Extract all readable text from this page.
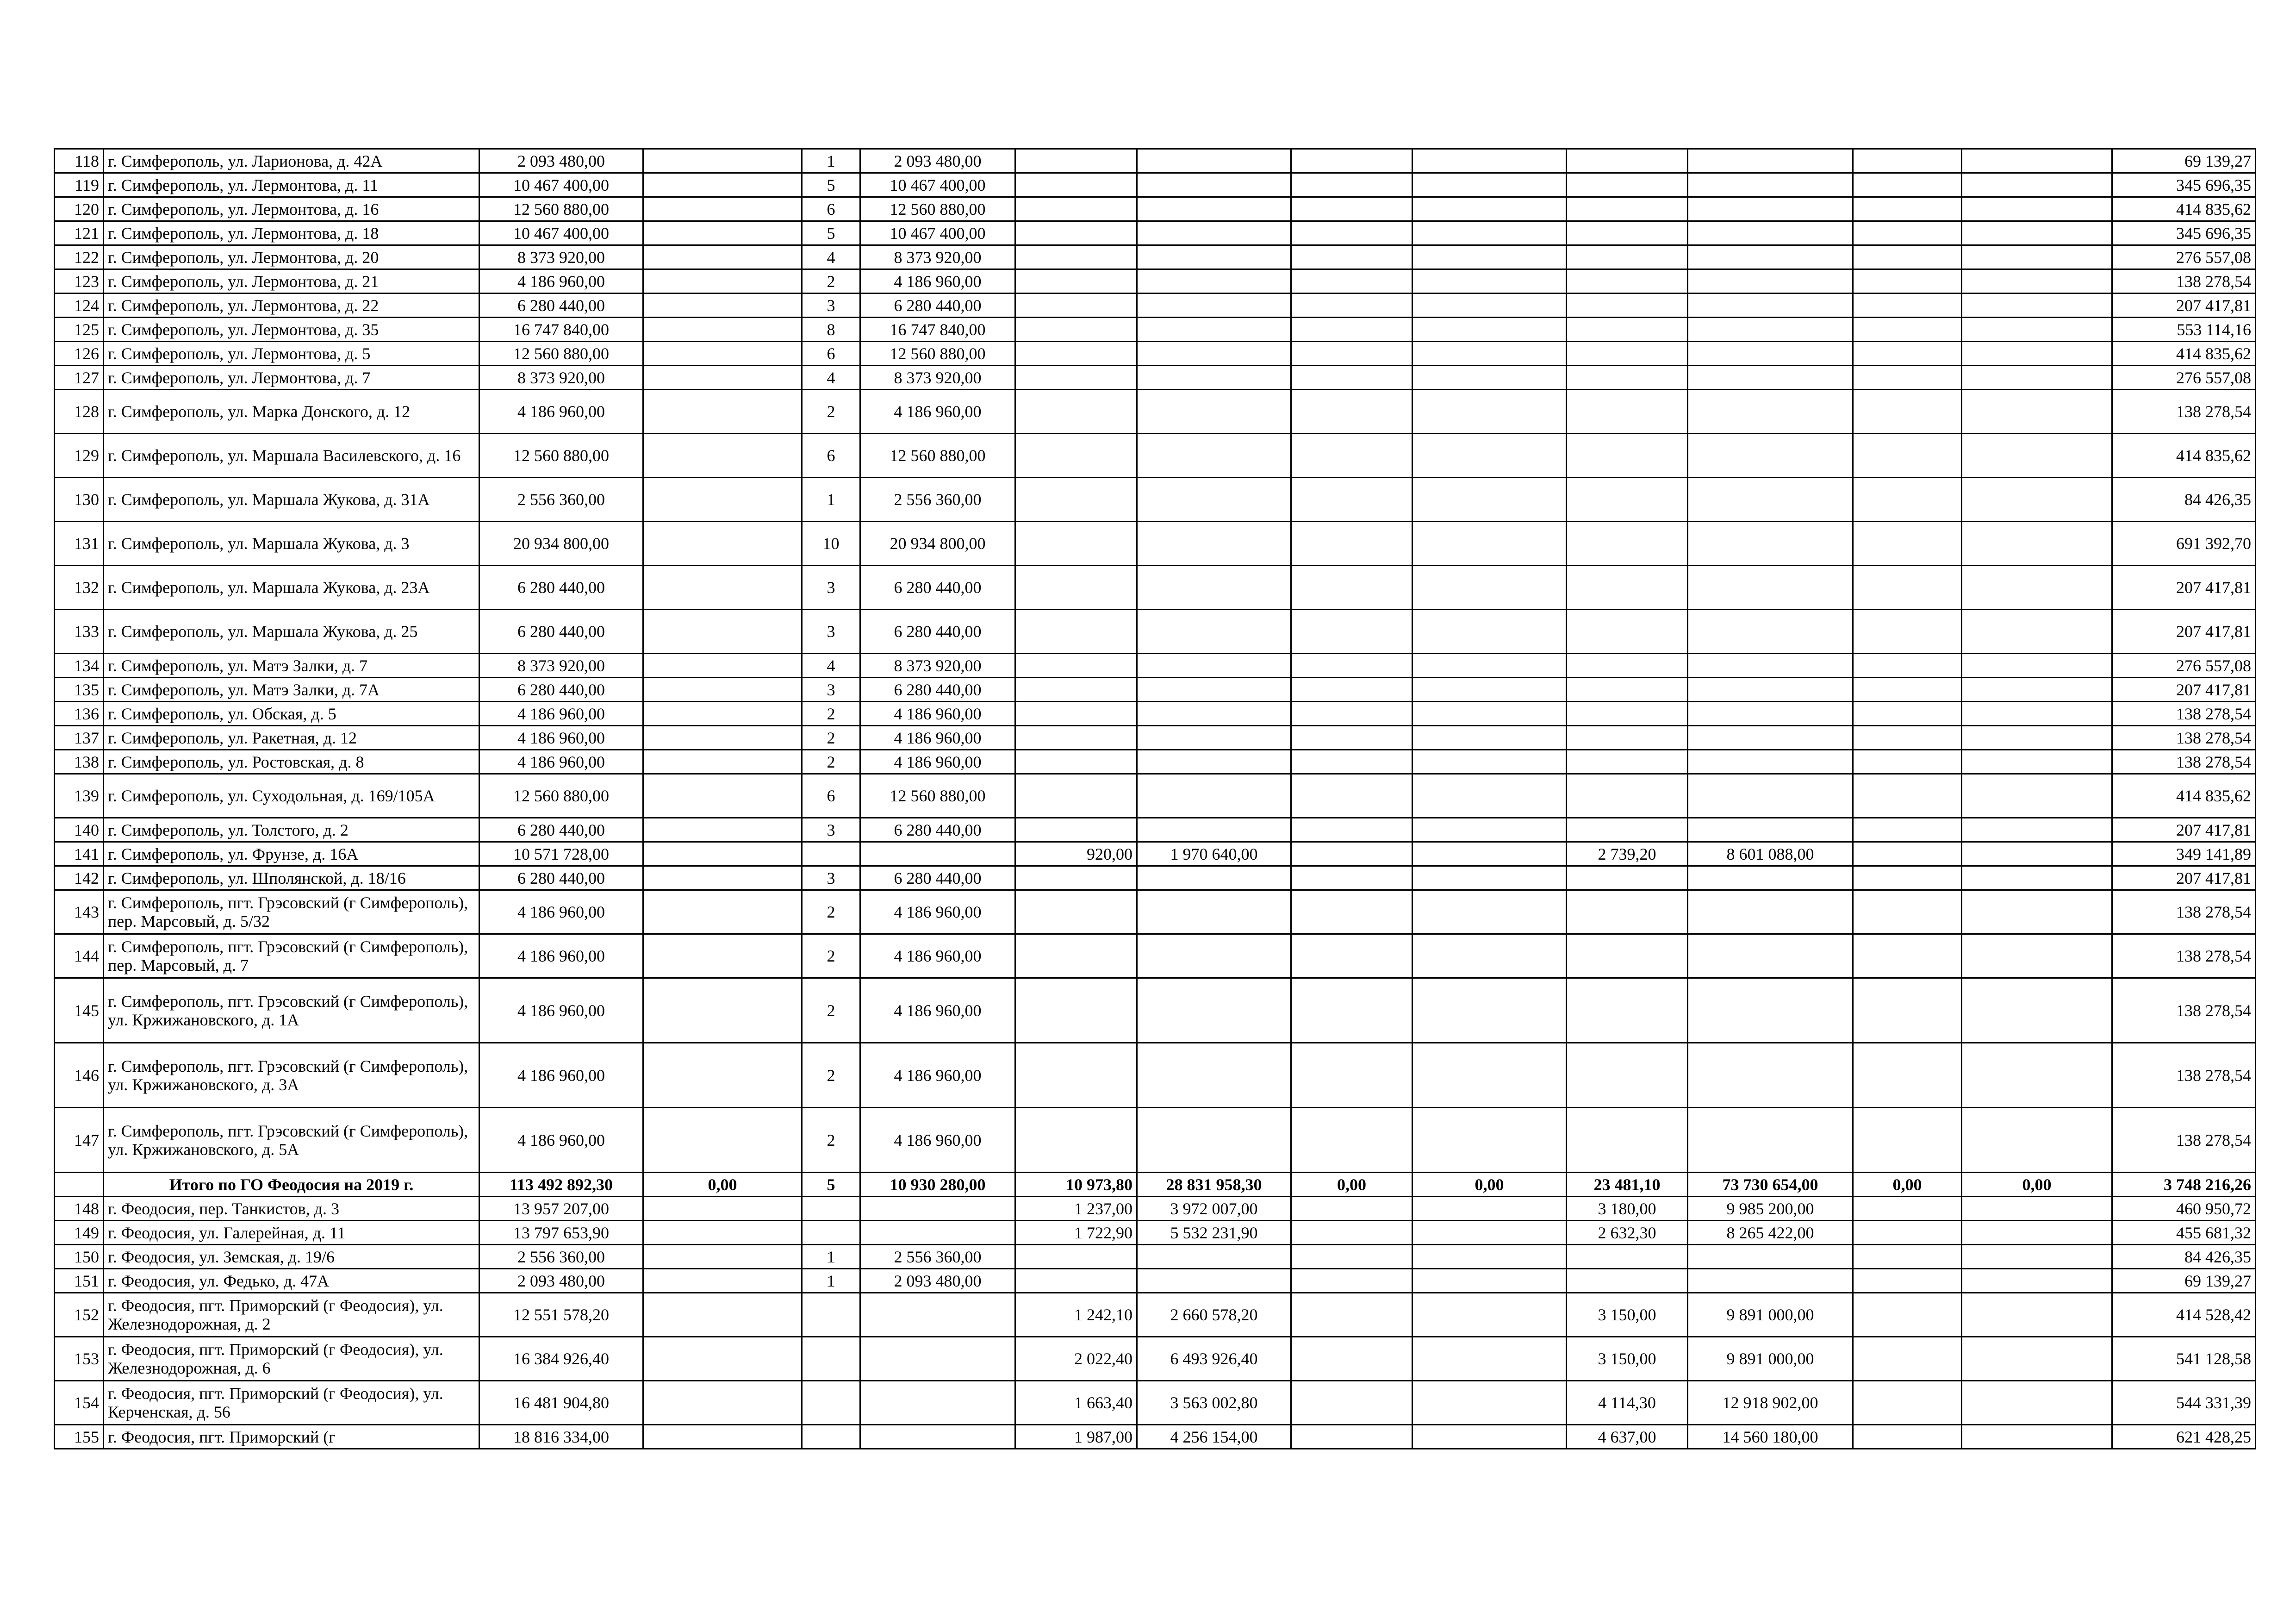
118	г. Симферополь, ул. Ларионова, д. 42А	2 093 480,00		1	2 093 480,00									69 139,27
119	г. Симферополь, ул. Лермонтова, д. 11	10 467 400,00		5	10 467 400,00									345 696,35
120	г. Симферополь, ул. Лермонтова, д. 16	12 560 880,00		6	12 560 880,00									414 835,62
121	г. Симферополь, ул. Лермонтова, д. 18	10 467 400,00		5	10 467 400,00									345 696,35
122	г. Симферополь, ул. Лермонтова, д. 20	8 373 920,00		4	8 373 920,00									276 557,08
123	г. Симферополь, ул. Лермонтова, д. 21	4 186 960,00		2	4 186 960,00									138 278,54
124	г. Симферополь, ул. Лермонтова, д. 22	6 280 440,00		3	6 280 440,00									207 417,81
125	г. Симферополь, ул. Лермонтова, д. 35	16 747 840,00		8	16 747 840,00									553 114,16
126	г. Симферополь, ул. Лермонтова, д. 5	12 560 880,00		6	12 560 880,00									414 835,62
127	г. Симферополь, ул. Лермонтова, д. 7	8 373 920,00		4	8 373 920,00									276 557,08
128	г. Симферополь, ул. Марка Донского, д. 12	4 186 960,00		2	4 186 960,00									138 278,54
129	г. Симферополь, ул. Маршала Василевского, д. 16	12 560 880,00		6	12 560 880,00									414 835,62
130	г. Симферополь, ул. Маршала Жукова, д. 31А	2 556 360,00		1	2 556 360,00									84 426,35
131	г. Симферополь, ул. Маршала Жукова, д. 3	20 934 800,00		10	20 934 800,00									691 392,70
132	г. Симферополь, ул. Маршала Жукова, д. 23А	6 280 440,00		3	6 280 440,00									207 417,81
133	г. Симферополь, ул. Маршала Жукова, д. 25	6 280 440,00		3	6 280 440,00									207 417,81
134	г. Симферополь, ул. Матэ Залки, д. 7	8 373 920,00		4	8 373 920,00									276 557,08
135	г. Симферополь, ул. Матэ Залки, д. 7А	6 280 440,00		3	6 280 440,00									207 417,81
136	г. Симферополь, ул. Обская, д. 5	4 186 960,00		2	4 186 960,00									138 278,54
137	г. Симферополь, ул. Ракетная, д. 12	4 186 960,00		2	4 186 960,00									138 278,54
138	г. Симферополь, ул. Ростовская, д. 8	4 186 960,00		2	4 186 960,00									138 278,54
139	г. Симферополь, ул. Суходольная, д. 169/105А	12 560 880,00		6	12 560 880,00									414 835,62
140	г. Симферополь, ул. Толстого, д. 2	6 280 440,00		3	6 280 440,00									207 417,81
141	г. Симферополь, ул. Фрунзе, д. 16А	10 571 728,00				920,00	1 970 640,00			2 739,20	8 601 088,00			349 141,89
142	г. Симферополь, ул. Шполянской, д. 18/16	6 280 440,00		3	6 280 440,00									207 417,81
143	г. Симферополь, пгт. Грэсовский (г Симферополь), пер. Марсовый, д. 5/32	4 186 960,00		2	4 186 960,00									138 278,54
144	г. Симферополь, пгт. Грэсовский (г Симферополь), пер. Марсовый, д. 7	4 186 960,00		2	4 186 960,00									138 278,54
145	г. Симферополь, пгт. Грэсовский (г Симферополь), ул. Кржижановского, д. 1А	4 186 960,00		2	4 186 960,00									138 278,54
146	г. Симферополь, пгт. Грэсовский (г Симферополь), ул. Кржижановского, д. 3А	4 186 960,00		2	4 186 960,00									138 278,54
147	г. Симферополь, пгт. Грэсовский (г Симферополь), ул. Кржижановского, д. 5А	4 186 960,00		2	4 186 960,00									138 278,54
	Итого по ГО Феодосия на 2019 г.	113 492 892,30	0,00	5	10 930 280,00	10 973,80	28 831 958,30	0,00	0,00	23 481,10	73 730 654,00	0,00	0,00	3 748 216,26
148	г. Феодосия, пер. Танкистов, д. 3	13 957 207,00				1 237,00	3 972 007,00			3 180,00	9 985 200,00			460 950,72
149	г. Феодосия, ул. Галерейная, д. 11	13 797 653,90				1 722,90	5 532 231,90			2 632,30	8 265 422,00			455 681,32
150	г. Феодосия, ул. Земская, д. 19/6	2 556 360,00		1	2 556 360,00									84 426,35
151	г. Феодосия, ул. Федько, д. 47А	2 093 480,00		1	2 093 480,00									69 139,27
152	г. Феодосия, пгт. Приморский (г Феодосия), ул. Железнодорожная, д. 2	12 551 578,20				1 242,10	2 660 578,20			3 150,00	9 891 000,00			414 528,42
153	г. Феодосия, пгт. Приморский (г Феодосия), ул. Железнодорожная, д. 6	16 384 926,40				2 022,40	6 493 926,40			3 150,00	9 891 000,00			541 128,58
154	г. Феодосия, пгт. Приморский (г Феодосия), ул. Керченская, д. 56	16 481 904,80				1 663,40	3 563 002,80			4 114,30	12 918 902,00			544 331,39
155	г. Феодосия, пгт. Приморский (г	18 816 334,00				1 987,00	4 256 154,00			4 637,00	14 560 180,00			621 428,25
